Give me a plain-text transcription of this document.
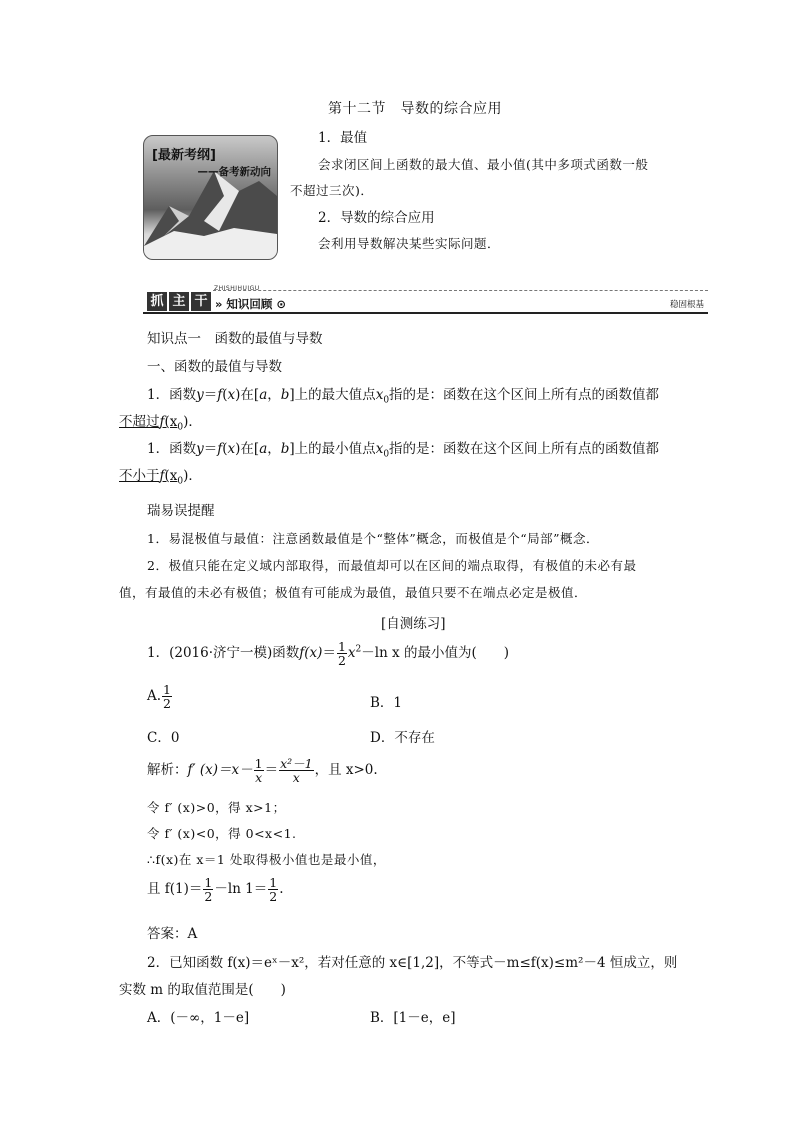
第十二节　导数的综合应用
[最新考纲]
——备考新动向
1．最值
会求闭区间上函数的最大值、最小值(其中多项式函数一般
不超过三次)．
2．导数的综合应用
会利用导数解决某些实际问题．
抓 主 干
ZHISHIHUIGU
» 知识回顾 ⊙	稳固根基
知识点一　函数的最值与导数
一、函数的最值与导数
1．函数y＝f(x)在[a，b]上的最大值点$x_0$指的是：函数在这个区间上所有点的函数值都
不超过$f(x_0)$．
1．函数y＝f(x)在[a，b]上的最小值点$x_0$指的是：函数在这个区间上所有点的函数值都
不小于$f(x_0)$．
瑞易误提醒
1．易混极值与最值：注意函数最值是个“整体”概念，而极值是个“局部”概念．
2．极值只能在定义域内部取得，而最值却可以在区间的端点取得，有极值的未必有最
值，有最值的未必有极值；极值有可能成为最值，最值只要不在端点必定是极值．
[自测练习]
1．(2016·济宁一模)函数$f(x)= \frac{1}{2} x^2-\ln$ x 的最小值为(　　)
A. $\frac{1}{2}$	B．1
C．0	D．不存在
解析：f′ $(x)=x- \frac{1}{x} = \frac{\text{x²－1}}{x}$ ，且 x>0.
令 f′ (x)>0，得 x>1；
令 f′ (x)<0，得 0<x<1.
∴f(x)在 x＝1 处取得极小值也是最小值，
且 $f(1)= \frac{1}{2} -\ln$ $1= \frac{1}{2}$ .
答案：A
2．已知函数 f(x)＝eˣ－x²，若对任意的 x∈[1,2]，不等式－m≤f(x)≤m²－4 恒成立，则
实数 m 的取值范围是(　　)
A．(－∞，1－e]	B．[1－e，e]
